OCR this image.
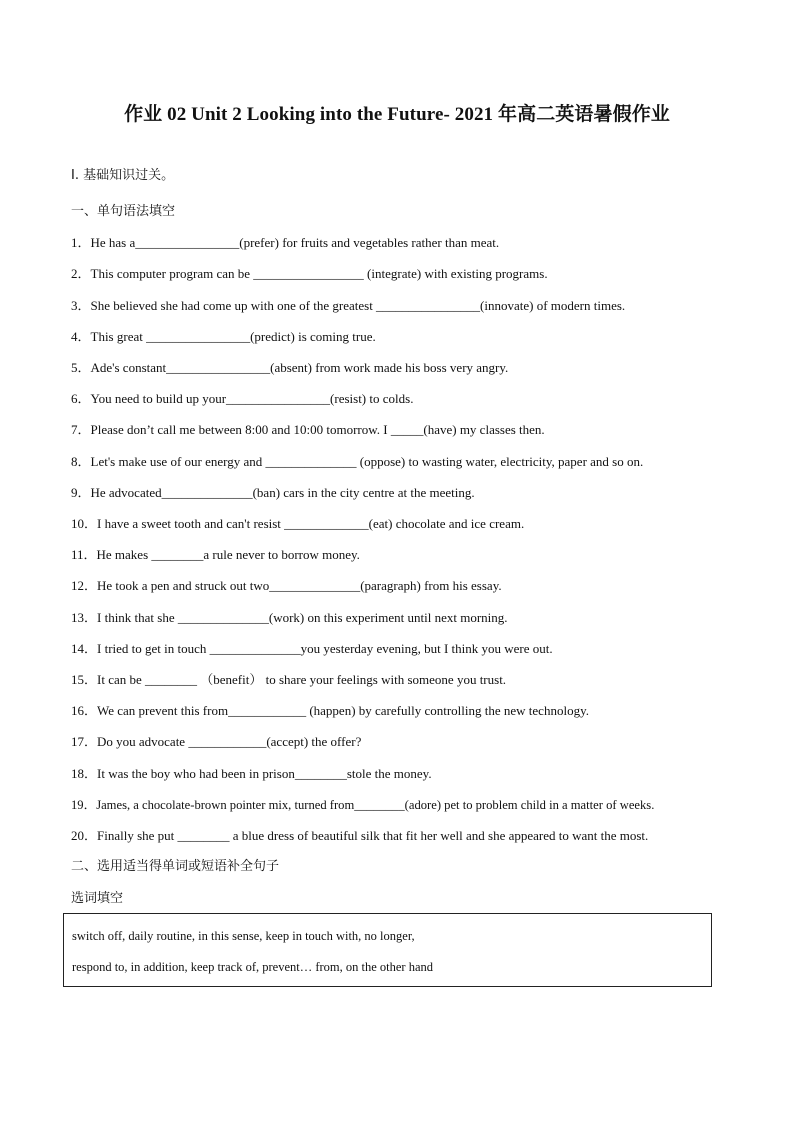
作业 02 Unit 2 Looking into the Future- 2021 年高二英语暑假作业
I. 基础知识过关。
一、单句语法填空
1．He has a________________(prefer) for fruits and vegetables rather than meat.
2．This computer program can be _________________ (integrate) with existing programs.
3．She believed she had come up with one of the greatest ________________(innovate) of modern times.
4．This great ________________(predict) is coming true.
5．Ade's constant________________(absent) from work made his boss very angry.
6．You need to build up your________________(resist) to colds.
7．Please don’t call me between 8:00 and 10:00 tomorrow. I _____(have) my classes then.
8．Let's make use of our energy and ______________ (oppose) to wasting water, electricity, paper and so on.
9．He advocated______________(ban) cars in the city centre at the meeting.
10．I have a sweet tooth and can't resist _____________(eat) chocolate and ice cream.
11．He makes ________a rule never to borrow money.
12．He took a pen and struck out two______________(paragraph) from his essay.
13．I think that she ______________(work) on this experiment until next morning.
14．I tried to get in touch ______________you yesterday evening, but I think you were out.
15．It can be ________ （benefit） to share your feelings with someone you trust.
16．We can prevent this from____________ (happen) by carefully controlling the new technology.
17．Do you advocate ____________(accept) the offer?
18．It was the boy who had been in prison________stole the money.
19．James, a chocolate-brown pointer mix, turned from________(adore) pet to problem child in a matter of weeks.
20．Finally she put ________ a blue dress of beautiful silk that fit her well and she appeared to want the most.
二、选用适当得单词或短语补全句子
选词填空
switch off, daily routine, in this sense, keep in touch with, no longer,
respond to, in addition, keep track of, prevent… from, on the other hand
